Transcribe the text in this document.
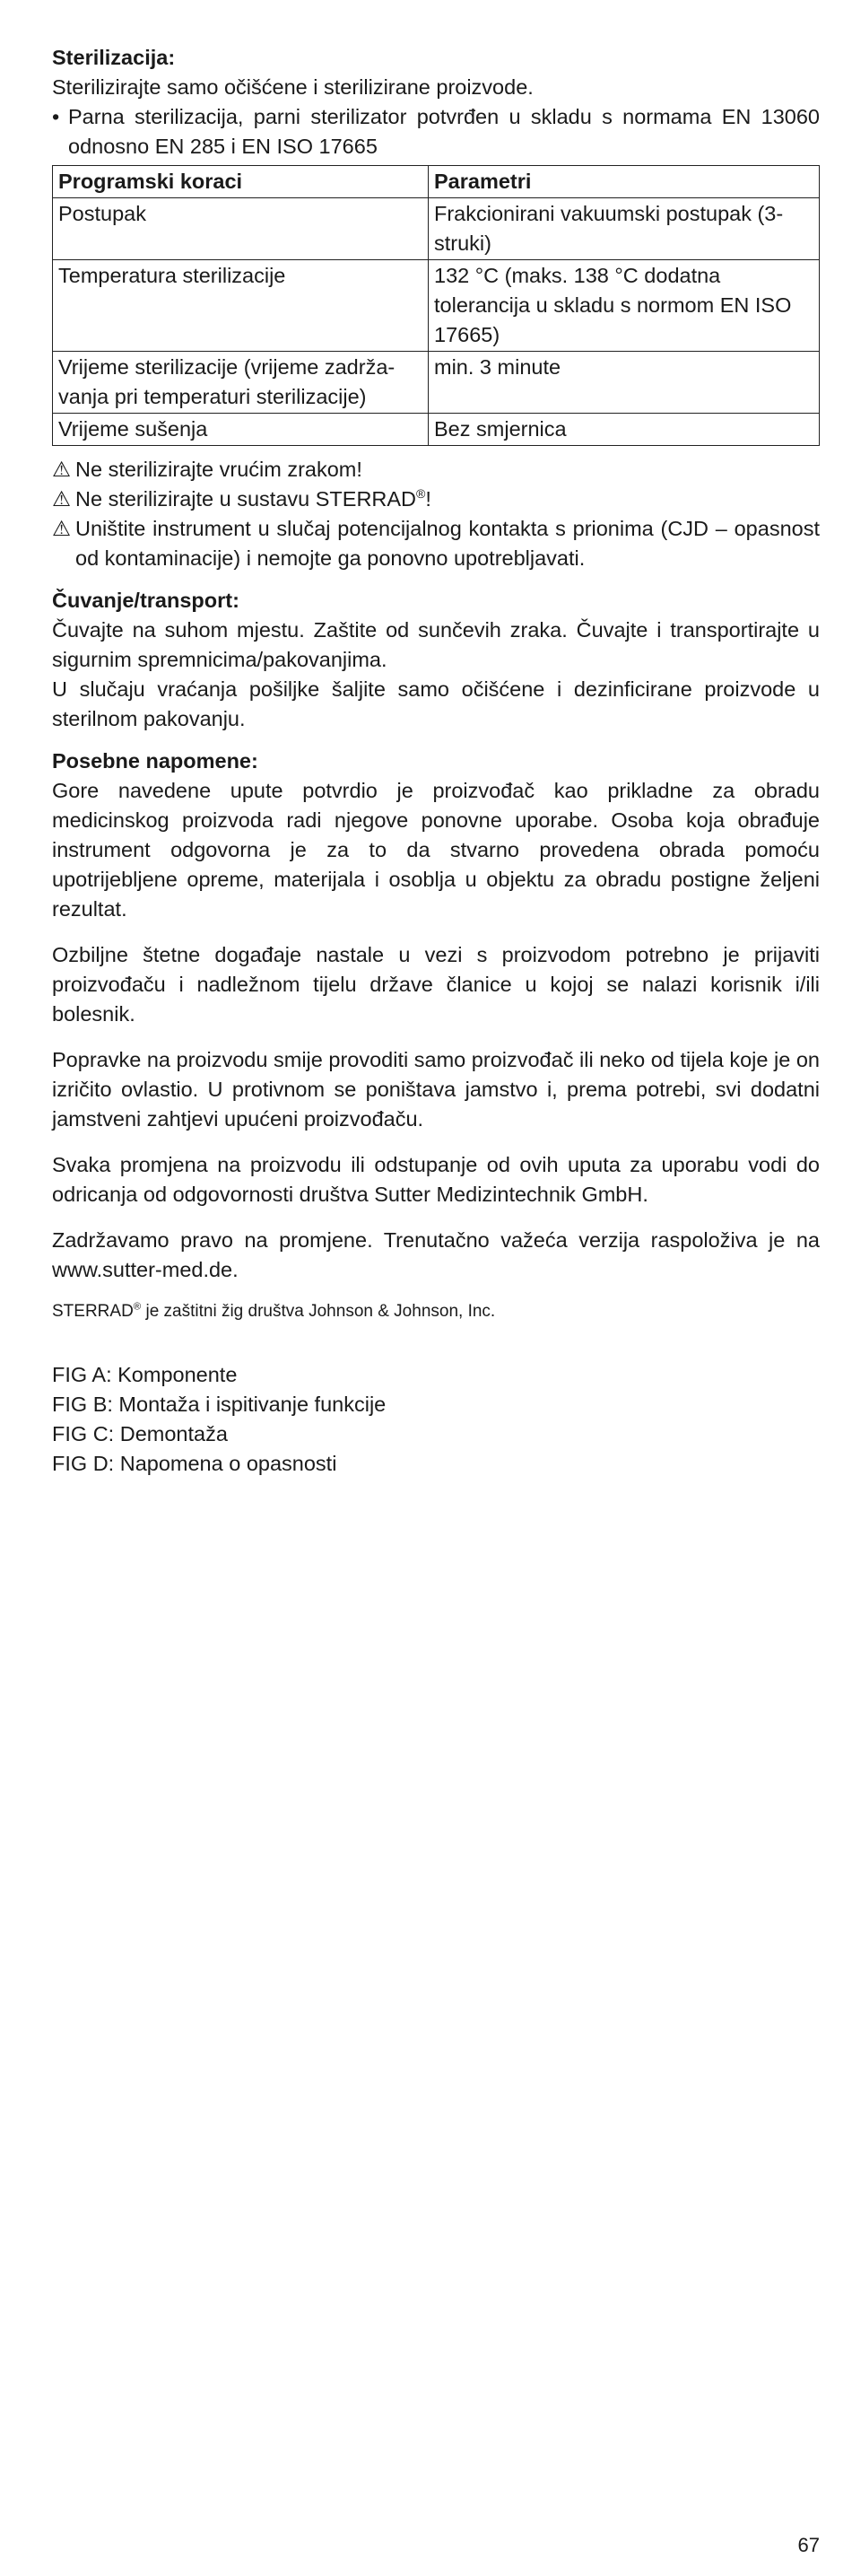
Sterilizacija:

Sterilizirajte samo očišćene i sterilizirane proizvode.

• Parna sterilizacija, parni sterilizator potvrđen u skladu s normama EN 13060 odnosno EN 285 i EN ISO 17665
Programski koraci	Parametri
Postupak	Frakcionirani vakuumski postupak (3-struki)
Temperatura sterilizacije	132 °C (maks. 138 °C dodatna tolerancija u skladu s normom EN ISO 17665)
Vrijeme sterilizacije (vrijeme zadrža-vanja pri temperaturi sterilizacije)	min. 3 minute
Vrijeme sušenja	Bez smjernica
⚠ Ne sterilizirajte vrućim zrakom!
⚠ Ne sterilizirajte u sustavu STERRAD®!
⚠ Uništite instrument u slučaj potencijalnog kontakta s prionima (CJD – opasnost od kontaminacije) i nemojte ga ponovno upotrebljavati.
Čuvanje/transport:

Čuvajte na suhom mjestu. Zaštite od sunčevih zraka. Čuvajte i transportirajte u sigurnim spremnicima/pakovanjima.

U slučaju vraćanja pošiljke šaljite samo očišćene i dezinficirane proizvode u sterilnom pakovanju.

Posebne napomene:

Gore navedene upute potvrdio je proizvođač kao prikladne za obradu medicinskog proizvoda radi njegove ponovne uporabe. Osoba koja obrađuje instrument odgovorna je za to da stvarno provedena obrada pomoću upotrijebljene opreme, materijala i osoblja u objektu za obradu postigne željeni rezultat.

Ozbiljne štetne događaje nastale u vezi s proizvodom potrebno je prijaviti proizvođaču i nadležnom tijelu države članice u kojoj se nalazi korisnik i/ili bolesnik.

Popravke na proizvodu smije provoditi samo proizvođač ili neko od tijela koje je on izričito ovlastio. U protivnom se poništava jamstvo i, prema potrebi, svi dodatni jamstveni zahtjevi upućeni proizvođaču.

Svaka promjena na proizvodu ili odstupanje od ovih uputa za uporabu vodi do odricanja od odgovornosti društva Sutter Medizintechnik GmbH.

Zadržavamo pravo na promjene. Trenutačno važeća verzija raspoloživa je na www.sutter-med.de.

STERRAD® je zaštitni žig društva Johnson & Johnson, Inc.

FIG A: Komponente
FIG B: Montaža i ispitivanje funkcije
FIG C: Demontaža
FIG D: Napomena o opasnosti
67
